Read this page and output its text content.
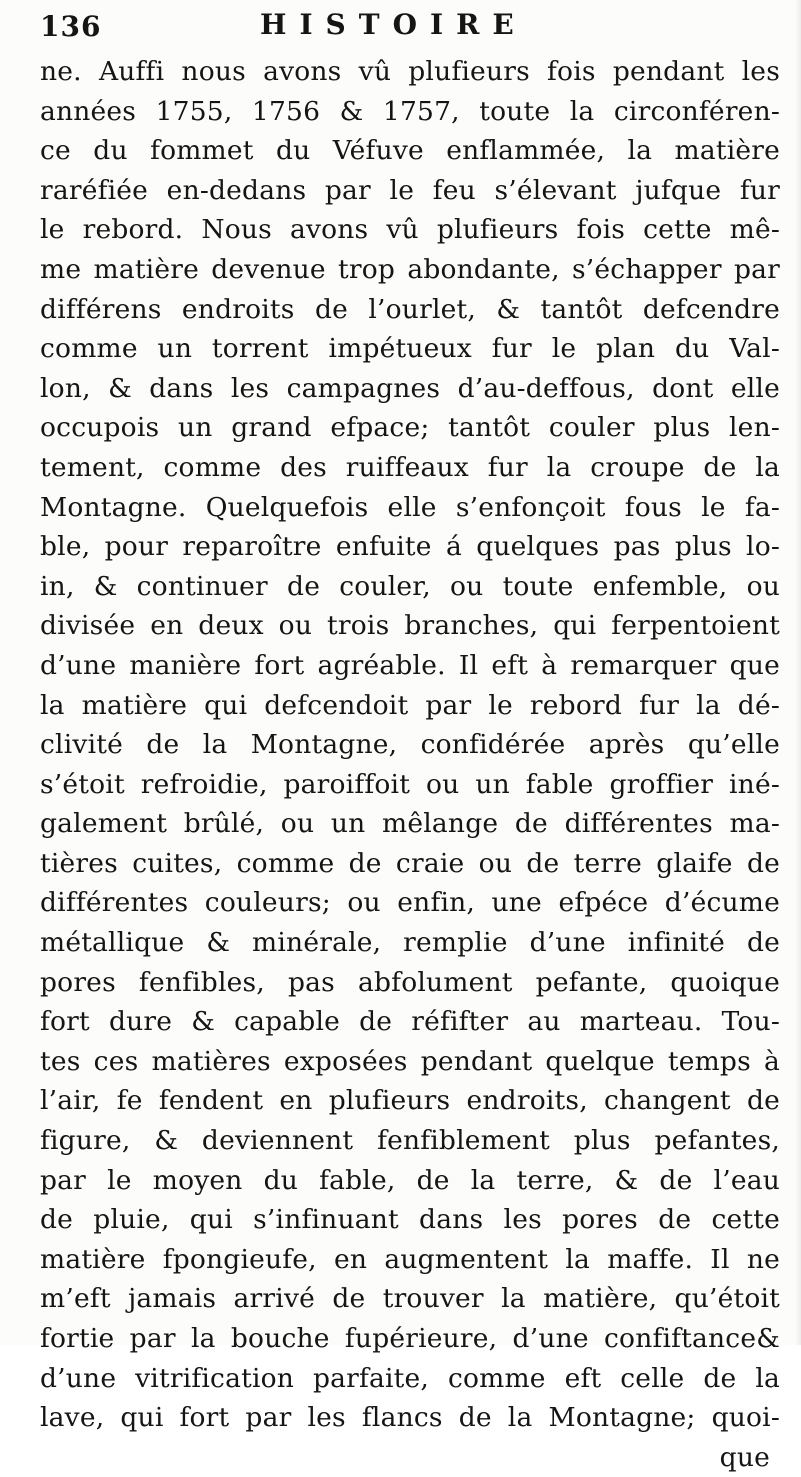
136	HISTOIRE
ne. Auffi nous avons vû plufieurs fois pendant les
années 1755, 1756 & 1757, toute la circonféren-
ce du fommet du Véfuve enflammée, la matière
raréfiée en-dedans par le feu s’élevant jufque fur
le rebord. Nous avons vû plufieurs fois cette mê-
me matière devenue trop abondante, s’échapper par
différens endroits de l’ourlet, & tantôt defcendre
comme un torrent impétueux fur le plan du Val-
lon, & dans les campagnes d’au-deffous, dont elle
occupois un grand efpace; tantôt couler plus len-
tement, comme des ruiffeaux fur la croupe de la
Montagne. Quelquefois elle s’enfonçoit fous le fa-
ble, pour reparoître enfuite á quelques pas plus lo-
in, & continuer de couler, ou toute enfemble, ou
divisée en deux ou trois branches, qui ferpentoient
d’une manière fort agréable. Il eft à remarquer que
la matière qui defcendoit par le rebord fur la dé-
clivité de la Montagne, confidérée après qu’elle
s’étoit refroidie, paroiffoit ou un fable groffier iné-
galement brûlé, ou un mêlange de différentes ma-
tières cuites, comme de craie ou de terre glaife de
différentes couleurs; ou enfin, une efpéce d’écume
métallique & minérale, remplie d’une infinité de
pores fenfibles, pas abfolument pefante, quoique
fort dure & capable de réfifter au marteau. Tou-
tes ces matières exposées pendant quelque temps à
l’air, fe fendent en plufieurs endroits, changent de
figure, & deviennent fenfiblement plus pefantes,
par le moyen du fable, de la terre, & de l’eau
de pluie, qui s’infinuant dans les pores de cette
matière fpongieufe, en augmentent la maffe. Il ne
m’eft jamais arrivé de trouver la matière, qu’étoit
fortie par la bouche fupérieure, d’une confiftance&
d’une vitrification parfaite, comme eft celle de la
lave, qui fort par les flancs de la Montagne; quoi-
que
